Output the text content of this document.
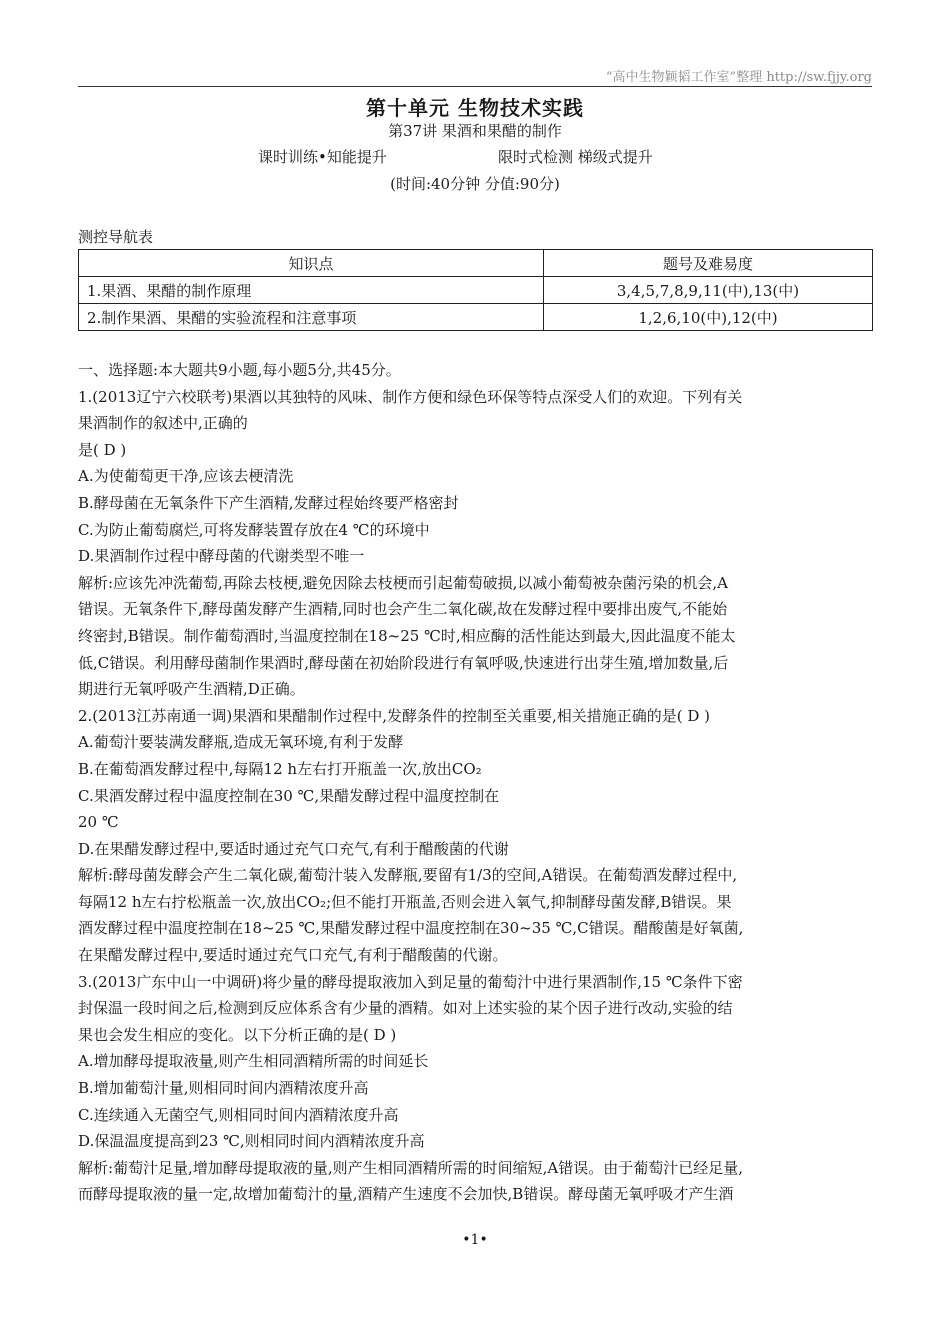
“高中生物颖韬工作室”整理 http://sw.fjjy.org
第十单元 生物技术实践
第37讲 果酒和果醋的制作
课时训练•知能提升	限时式检测 梯级式提升
(时间:40分钟 分值:90分)
测控导航表
知识点	题号及难易度
1.果酒、果醋的制作原理	3,4,5,7,8,9,11(中),13(中)
2.制作果酒、果醋的实验流程和注意事项	1,2,6,10(中),12(中)

一、选择题:本大题共9小题,每小题5分,共45分。

1.(2013辽宁六校联考)果酒以其独特的风味、制作方便和绿色环保等特点深受人们的欢迎。下列有关

果酒制作的叙述中,正确的

是( D )

A.为使葡萄更干净,应该去梗清洗

B.酵母菌在无氧条件下产生酒精,发酵过程始终要严格密封

C.为防止葡萄腐烂,可将发酵装置存放在4 ℃的环境中

D.果酒制作过程中酵母菌的代谢类型不唯一

解析:应该先冲洗葡萄,再除去枝梗,避免因除去枝梗而引起葡萄破损,以减小葡萄被杂菌污染的机会,A

错误。无氧条件下,酵母菌发酵产生酒精,同时也会产生二氧化碳,故在发酵过程中要排出废气,不能始

终密封,B错误。制作葡萄酒时,当温度控制在18~25 ℃时,相应酶的活性能达到最大,因此温度不能太

低,C错误。利用酵母菌制作果酒时,酵母菌在初始阶段进行有氧呼吸,快速进行出芽生殖,增加数量,后

期进行无氧呼吸产生酒精,D正确。

2.(2013江苏南通一调)果酒和果醋制作过程中,发酵条件的控制至关重要,相关措施正确的是( D )

A.葡萄汁要装满发酵瓶,造成无氧环境,有利于发酵

B.在葡萄酒发酵过程中,每隔12 h左右打开瓶盖一次,放出CO₂

C.果酒发酵过程中温度控制在30 ℃,果醋发酵过程中温度控制在

20 ℃

D.在果醋发酵过程中,要适时通过充气口充气,有利于醋酸菌的代谢

解析:酵母菌发酵会产生二氧化碳,葡萄汁装入发酵瓶,要留有1/3的空间,A错误。在葡萄酒发酵过程中,

每隔12 h左右拧松瓶盖一次,放出CO₂;但不能打开瓶盖,否则会进入氧气,抑制酵母菌发酵,B错误。果

酒发酵过程中温度控制在18~25 ℃,果醋发酵过程中温度控制在30~35 ℃,C错误。醋酸菌是好氧菌,

在果醋发酵过程中,要适时通过充气口充气,有利于醋酸菌的代谢。

3.(2013广东中山一中调研)将少量的酵母提取液加入到足量的葡萄汁中进行果酒制作,15 ℃条件下密

封保温一段时间之后,检测到反应体系含有少量的酒精。如对上述实验的某个因子进行改动,实验的结

果也会发生相应的变化。以下分析正确的是( D )

A.增加酵母提取液量,则产生相同酒精所需的时间延长

B.增加葡萄汁量,则相同时间内酒精浓度升高

C.连续通入无菌空气,则相同时间内酒精浓度升高

D.保温温度提高到23 ℃,则相同时间内酒精浓度升高

解析:葡萄汁足量,增加酵母提取液的量,则产生相同酒精所需的时间缩短,A错误。由于葡萄汁已经足量,

而酵母提取液的量一定,故增加葡萄汁的量,酒精产生速度不会加快,B错误。酵母菌无氧呼吸才产生酒

•1•
